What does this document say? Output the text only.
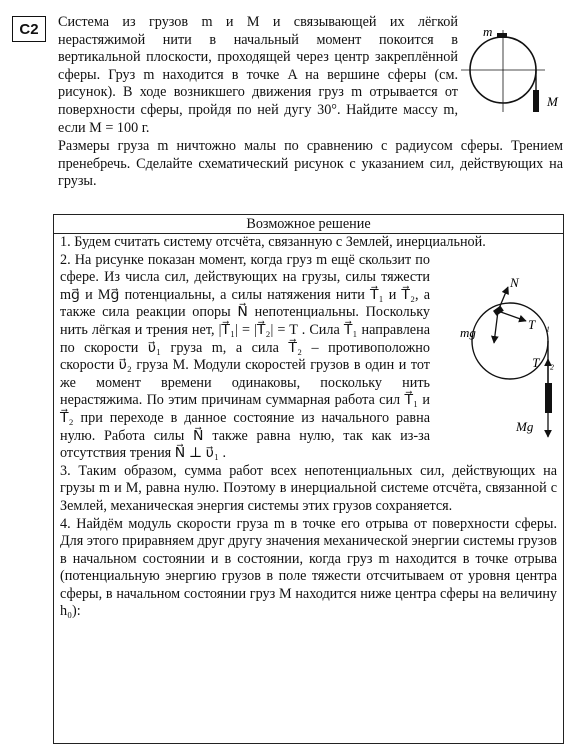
C2	Система из грузов m и M и связывающей их лёгкой нерастяжимой нити в начальный момент покоится в вертикальной плоскости, проходящей через центр закреплённой сферы. Груз m находится в точке A на вершине сферы (см. рисунок). В ходе возникшего движения груз m отрывается от поверхности сферы, пройдя по ней дугу 30°. Найдите массу m, если M = 100 г.
m
M
Размеры груза m ничтожно малы по сравнению с радиусом сферы. Трением пренебречь. Сделайте схематический рисунок с указанием сил, действующих на грузы.
Возможное решение

1. Будем считать систему отсчёта, связанную с Землей, инерциальной.

2. На рисунке показан момент, когда груз m ещё скользит по сфере. Из числа сил, действующих на грузы, силы тяжести mg⃗ и Mg⃗ потенциальны, а силы натяжения нити T⃗₁ и T⃗₂, а также сила реакции опоры N⃗ непотенциальны. Поскольку нить лёгкая и трения нет, |T⃗₁| = |T⃗₂| = T . Сила T⃗₁ направлена по скорости υ⃗₁ груза m, а сила T⃗₂ – противоположно скорости υ⃗₂ груза M. Модули скоростей грузов в один и тот же момент времени одинаковы, поскольку нить нерастяжима. По этим причинам суммарная работа сил T⃗₁ и T⃗₂ при переходе в данное состояние из начального равна нулю. Работа силы N⃗ также равна нулю, так как из-за отсутствия трения N⃗ ⊥ υ⃗₁ .

3. Таким образом, сумма работ всех непотенциальных сил, действующих на грузы m и M, равна нулю. Поэтому в инерциальной системе отсчёта, связанной с Землей, механическая энергия системы этих грузов сохраняется.

4. Найдём модуль скорости груза m в точке его отрыва от поверхности сферы. Для этого приравняем друг другу значения механической энергии системы грузов в начальном состоянии и в состоянии, когда груз m находится в точке отрыва (потенциальную энергию грузов в поле тяжести отсчитываем от уровня центра сферы, в начальном состоянии груз M находится ниже центра сферы на величину h₀):

N⃗
T⃗₁
T⃗₂
mg⃗
Mg⃗
